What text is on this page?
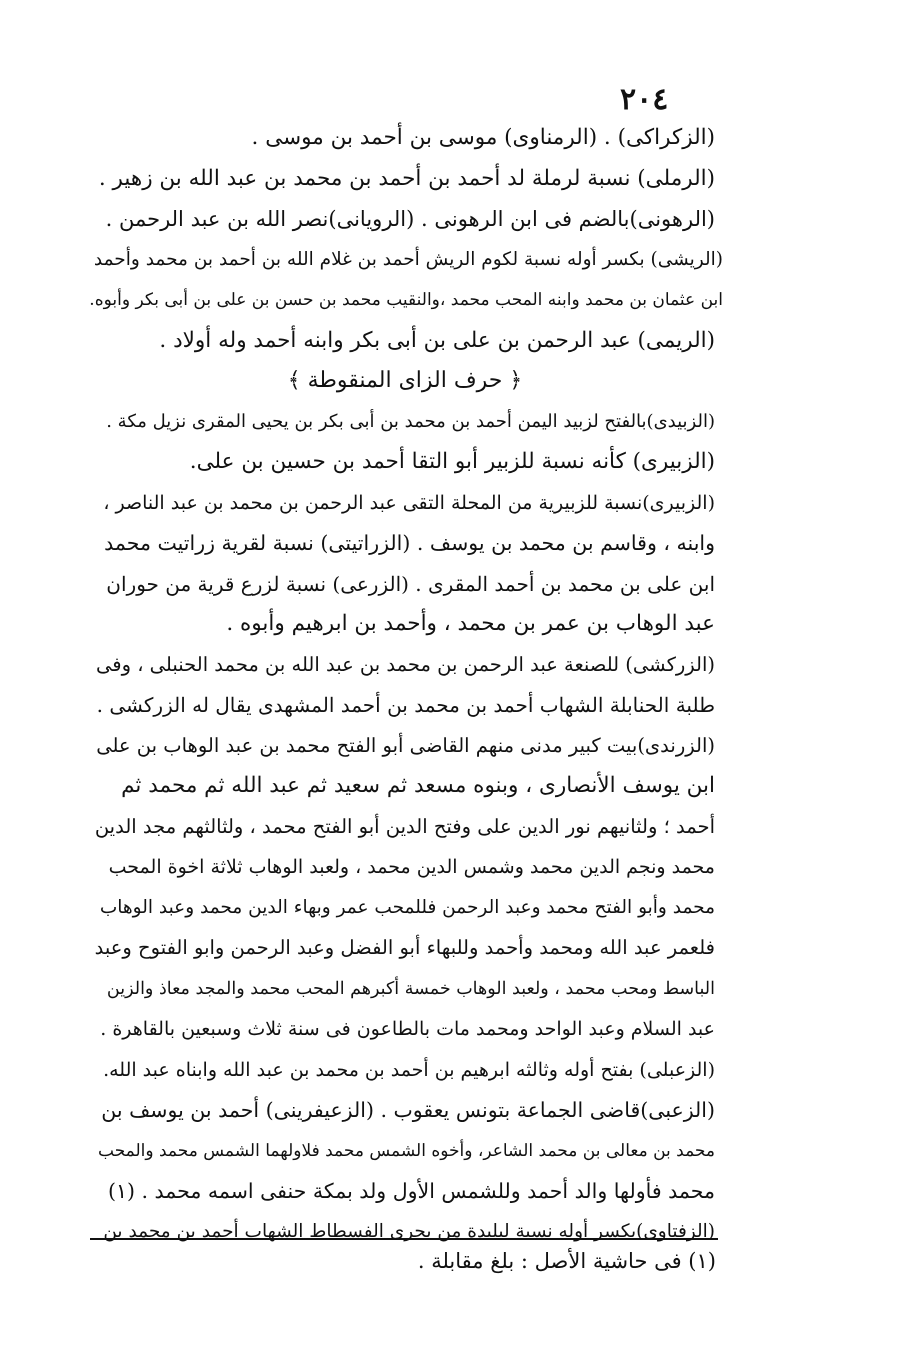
٢٠٤
(الزكراكى) . (الرمناوى) موسى بن أحمد بن موسى .
(الرملى) نسبة لرملة لد أحمد بن أحمد بن محمد بن عبد الله بن زهير .
(الرهونى)بالضم فى ابن الرهونى . (الرويانى)نصر الله بن عبد الرحمن .
(الريشى) بكسر أوله نسبة لكوم الريش أحمد بن غلام الله بن أحمد بن محمد وأحمد
ابن عثمان بن محمد وابنه المحب محمد ،والنقيب محمد بن حسن بن على بن أبى بكر وأبوه.
(الريمى) عبد الرحمن بن على بن أبى بكر وابنه أحمد وله أولاد .
﴿ حرف الزاى المنقوطة ﴾
(الزبيدى)بالفتح لزبيد اليمن أحمد بن محمد بن أبى بكر بن يحيى المقرى نزيل مكة .
(الزبيرى) كأنه نسبة للزبير أبو التقا أحمد بن حسين بن على.
(الزبيرى)نسبة للزبيرية من المحلة التقى عبد الرحمن بن محمد بن عبد الناصر ،
وابنه ، وقاسم بن محمد بن يوسف . (الزراتيتى) نسبة لقرية زراتيت محمد
ابن على بن محمد بن أحمد المقرى . (الزرعى) نسبة لزرع قرية من حوران
عبد الوهاب بن عمر بن محمد ، وأحمد بن ابرهيم وأبوه .
(الزركشى) للصنعة عبد الرحمن بن محمد بن عبد الله بن محمد الحنبلى ، وفى
طلبة الحنابلة الشهاب أحمد بن محمد بن أحمد المشهدى يقال له الزركشى .
(الزرندى)بيت كبير مدنى منهم القاضى أبو الفتح محمد بن عبد الوهاب بن على
ابن يوسف الأنصارى ، وبنوه مسعد ثم سعيد ثم عبد الله ثم محمد ثم
أحمد ؛ ولثانيهم نور الدين على وفتح الدين أبو الفتح محمد ، ولثالثهم مجد الدين
محمد ونجم الدين محمد وشمس الدين محمد ، ولعبد الوهاب ثلاثة اخوة المحب
محمد وأبو الفتح محمد وعبد الرحمن فللمحب عمر وبهاء الدين محمد وعبد الوهاب
فلعمر عبد الله ومحمد وأحمد وللبهاء أبو الفضل وعبد الرحمن وابو الفتوح وعبد
الباسط ومحب محمد ، ولعبد الوهاب خمسة أكبرهم المحب محمد والمجد معاذ والزين
عبد السلام وعبد الواحد ومحمد مات بالطاعون فى سنة ثلاث وسبعين بالقاهرة .
(الزعبلى) بفتح أوله وثالثه ابرهيم بن أحمد بن محمد بن عبد الله وابناه عبد الله.
(الزعبى)قاضى الجماعة بتونس يعقوب . (الزعيفرينى) أحمد بن يوسف بن
محمد بن معالى بن محمد الشاعر، وأخوه الشمس محمد فلاولهما الشمس محمد والمحب
محمد فأولها والد أحمد وللشمس الأول ولد بمكة حنفى اسمه محمد . (١)
(الزفتاوى)بكسر أوله نسبة لبليدة من بحرى الفسطاط الشهاب أحمد بن محمد بن
(١) فى حاشية الأصل : بلغ مقابلة .
